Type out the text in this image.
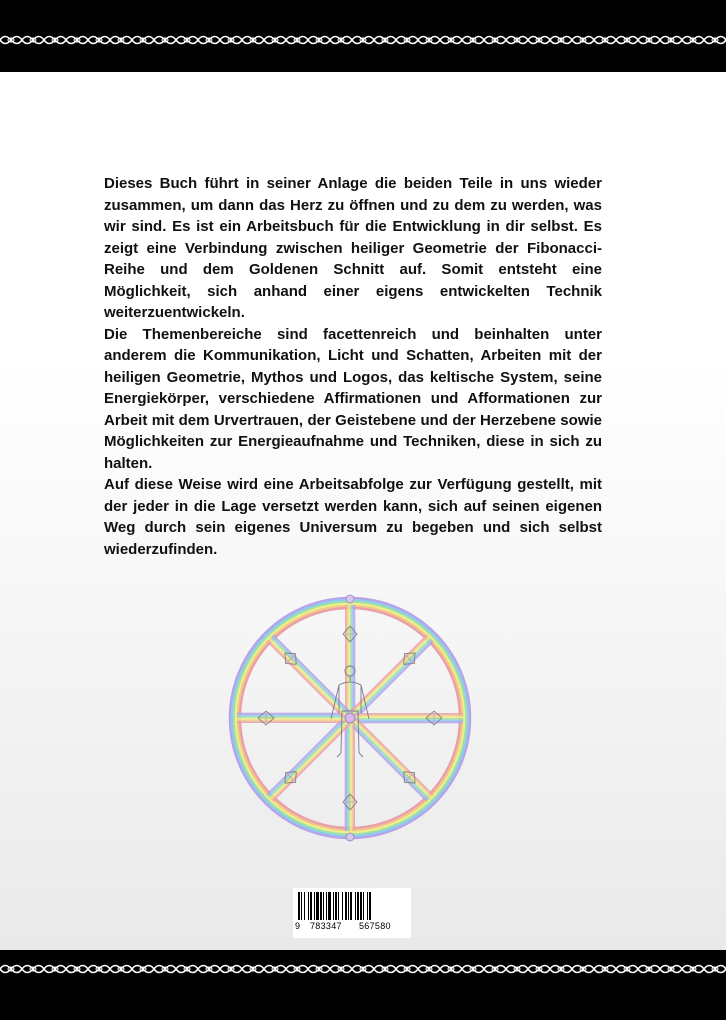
Dieses Buch führt in seiner Anlage die beiden Teile in uns wieder zusammen, um dann das Herz zu öffnen und zu dem zu werden, was wir sind. Es ist ein Arbeitsbuch für die Entwicklung in dir selbst. Es zeigt eine Verbindung zwischen heiliger Geometrie der Fibonacci-Reihe und dem Goldenen Schnitt auf. Somit entsteht eine Möglichkeit, sich anhand einer eigens entwickelten Technik weiterzuentwickeln.

Die Themenbereiche sind facettenreich und beinhalten unter anderem die Kommunikation, Licht und Schatten, Arbeiten mit der heiligen Geometrie, Mythos und Logos, das keltische System, seine Energiekörper, verschiedene Affirmationen und Afformationen zur Arbeit mit dem Urvertrauen, der Geistebene und der Herzebene sowie Möglichkeiten zur Energieaufnahme und Techniken, diese in sich zu halten.

Auf diese Weise wird eine Arbeitsabfolge zur Verfügung gestellt, mit der jeder in die Lage versetzt werden kann, sich auf seinen eigenen Weg durch sein eigenes Universum zu begeben und sich selbst wiederzufinden.

9 783347 567580
